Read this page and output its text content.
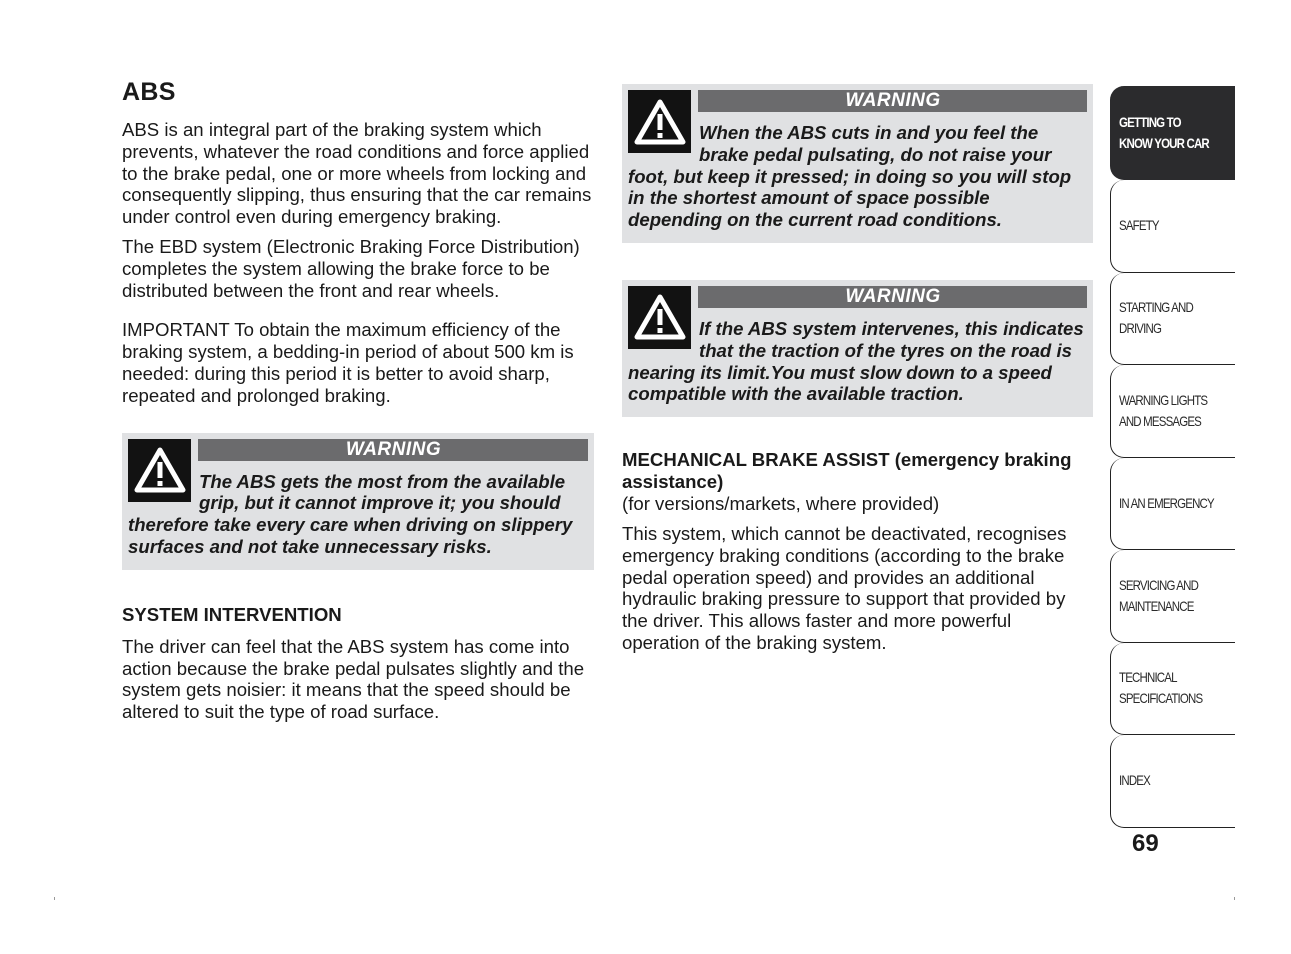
ABS

ABS is an integral part of the braking system which prevents, whatever the road conditions and force applied to the brake pedal, one or more wheels from locking and consequently slipping, thus ensuring that the car remains under control even during emergency braking.

The EBD system (Electronic Braking Force Distribution) completes the system allowing the brake force to be distributed between the front and rear wheels.

IMPORTANT To obtain the maximum efficiency of the braking system, a bedding-in period of about 500 km is needed: during this period it is better to avoid sharp, repeated and prolonged braking.

WARNING
The ABS gets the most from the available grip, but it cannot improve it; you should therefore take every care when driving on slippery surfaces and not take unnecessary risks.
SYSTEM INTERVENTION

The driver can feel that the ABS system has come into action because the brake pedal pulsates slightly and the system gets noisier: it means that the speed should be altered to suit the type of road surface.

WARNING
When the ABS cuts in and you feel the brake pedal pulsating, do not raise your foot, but keep it pressed; in doing so you will stop in the shortest amount of space possible depending on the current road conditions.
WARNING
If the ABS system intervenes, this indicates that the traction of the tyres on the road is nearing its limit.You must slow down to a speed compatible with the available traction.
MECHANICAL BRAKE ASSIST (emergency braking assistance)

(for versions/markets, where provided)

This system, which cannot be deactivated, recognises emergency braking conditions (according to the brake pedal operation speed) and provides an additional hydraulic braking pressure to support that provided by the driver. This allows faster and more powerful operation of the braking system.

GETTING TO
KNOW YOUR CAR
SAFETY
STARTING AND
DRIVING
WARNING LIGHTS
AND MESSAGES
IN AN EMERGENCY
SERVICING AND
MAINTENANCE
TECHNICAL
SPECIFICATIONS
INDEX
69
